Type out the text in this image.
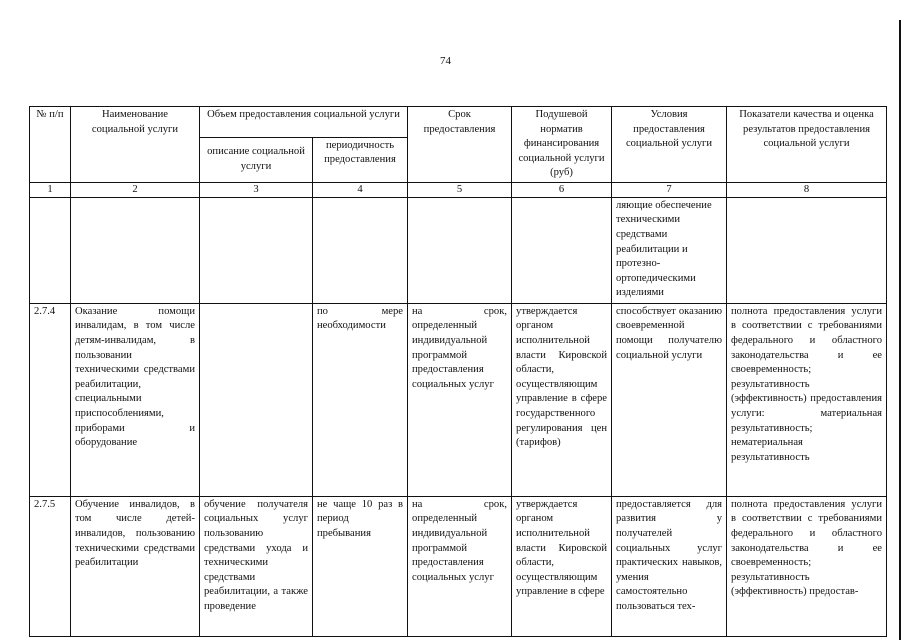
74
№ п/п	Наименование социальной услуги	Объем предоставления социальной услуги		Срок предоставления	Подушевой норматив финансирования социальной услуги (руб)	Условия предоставления социальной услуги	Показатели качества и оценка результатов предоставления социальной услуги
		описание социальной услуги	периодичность предоставления				
1	2	3	4	5	6	7	8
						ляющие обеспечение техническими средствами реабилитации и протезно-ортопедическими изделиями	
2.7.4	Оказание помощи инвалидам, в том числе детям-инвалидам, в пользовании техническими средствами реабилитации, специальными приспособлениями, приборами и оборудование		по мере необходимости	на срок, определенный индивидуальной программой предоставления социальных услуг	утверждается органом исполнительной власти Кировской области, осуществляющим управление в сфере государственного регулирования цен (тарифов)	способствует оказанию своевременной помощи получателю социальной услуги	полнота предоставления услуги в соответствии с требованиями федерального и областного законодательства и ее своевременность; результативность (эффективность) предоставления услуги: материальная результативность; нематериальная результативность
2.7.5	Обучение инвалидов, в том числе детей-инвалидов, пользованию техническими средствами реабилитации	обучение получателя социальных услуг пользованию средствами ухода и техническими средствами реабилитации, а также проведение	не чаще 10 раз в период пребывания	на срок, определенный индивидуальной программой предоставления социальных услуг	утверждается органом исполнительной власти Кировской области, осуществляющим управление в сфере	предоставляется для развития у получателей социальных услуг практических навыков, умения самостоятельно пользоваться тех-	полнота предоставления услуги в соответствии с требованиями федерального и областного законодательства и ее своевременность; результативность (эффективность) предостав-
